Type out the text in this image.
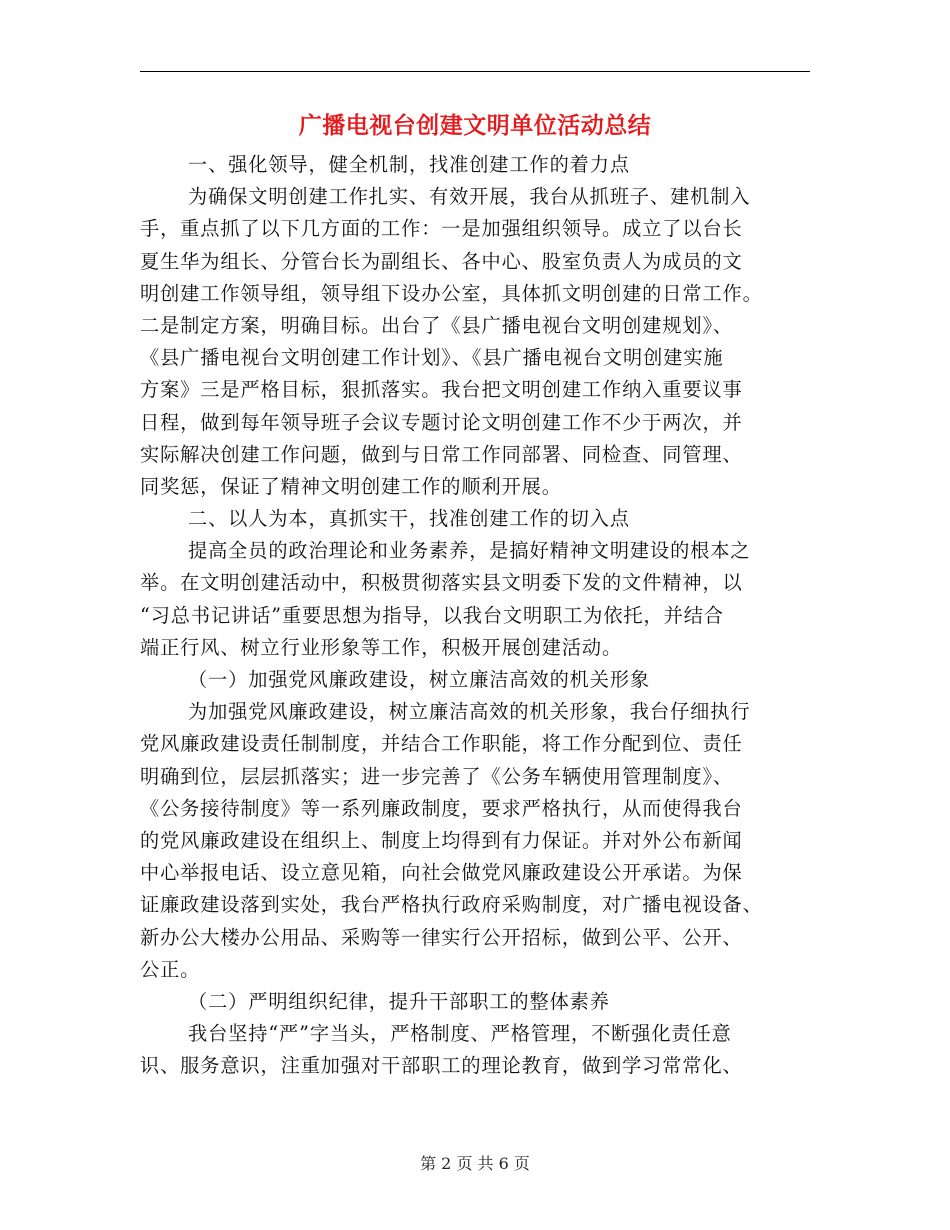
广播电视台创建文明单位活动总结
一、强化领导，健全机制，找准创建工作的着力点
为确保文明创建工作扎实、有效开展，我台从抓班子、建机制入
手，重点抓了以下几方面的工作：一是加强组织领导。成立了以台长
夏生华为组长、分管台长为副组长、各中心、股室负责人为成员的文
明创建工作领导组，领导组下设办公室，具体抓文明创建的日常工作。
二是制定方案，明确目标。出台了《县广播电视台文明创建规划》、
《县广播电视台文明创建工作计划》、《县广播电视台文明创建实施
方案》三是严格目标，狠抓落实。我台把文明创建工作纳入重要议事
日程，做到每年领导班子会议专题讨论文明创建工作不少于两次，并
实际解决创建工作问题，做到与日常工作同部署、同检查、同管理、
同奖惩，保证了精神文明创建工作的顺利开展。
二、以人为本，真抓实干，找准创建工作的切入点
提高全员的政治理论和业务素养，是搞好精神文明建设的根本之
举。在文明创建活动中，积极贯彻落实县文明委下发的文件精神，以
“习总书记讲话”重要思想为指导，以我台文明职工为依托，并结合
端正行风、树立行业形象等工作，积极开展创建活动。
（一）加强党风廉政建设，树立廉洁高效的机关形象
为加强党风廉政建设，树立廉洁高效的机关形象，我台仔细执行
党风廉政建设责任制制度，并结合工作职能，将工作分配到位、责任
明确到位，层层抓落实；进一步完善了《公务车辆使用管理制度》、
《公务接待制度》等一系列廉政制度，要求严格执行，从而使得我台
的党风廉政建设在组织上、制度上均得到有力保证。并对外公布新闻
中心举报电话、设立意见箱，向社会做党风廉政建设公开承诺。为保
证廉政建设落到实处，我台严格执行政府采购制度，对广播电视设备、
新办公大楼办公用品、采购等一律实行公开招标，做到公平、公开、
公正。
（二）严明组织纪律，提升干部职工的整体素养
我台坚持“严”字当头，严格制度、严格管理，不断强化责任意
识、服务意识，注重加强对干部职工的理论教育，做到学习常常化、
第 2 页 共 6 页
